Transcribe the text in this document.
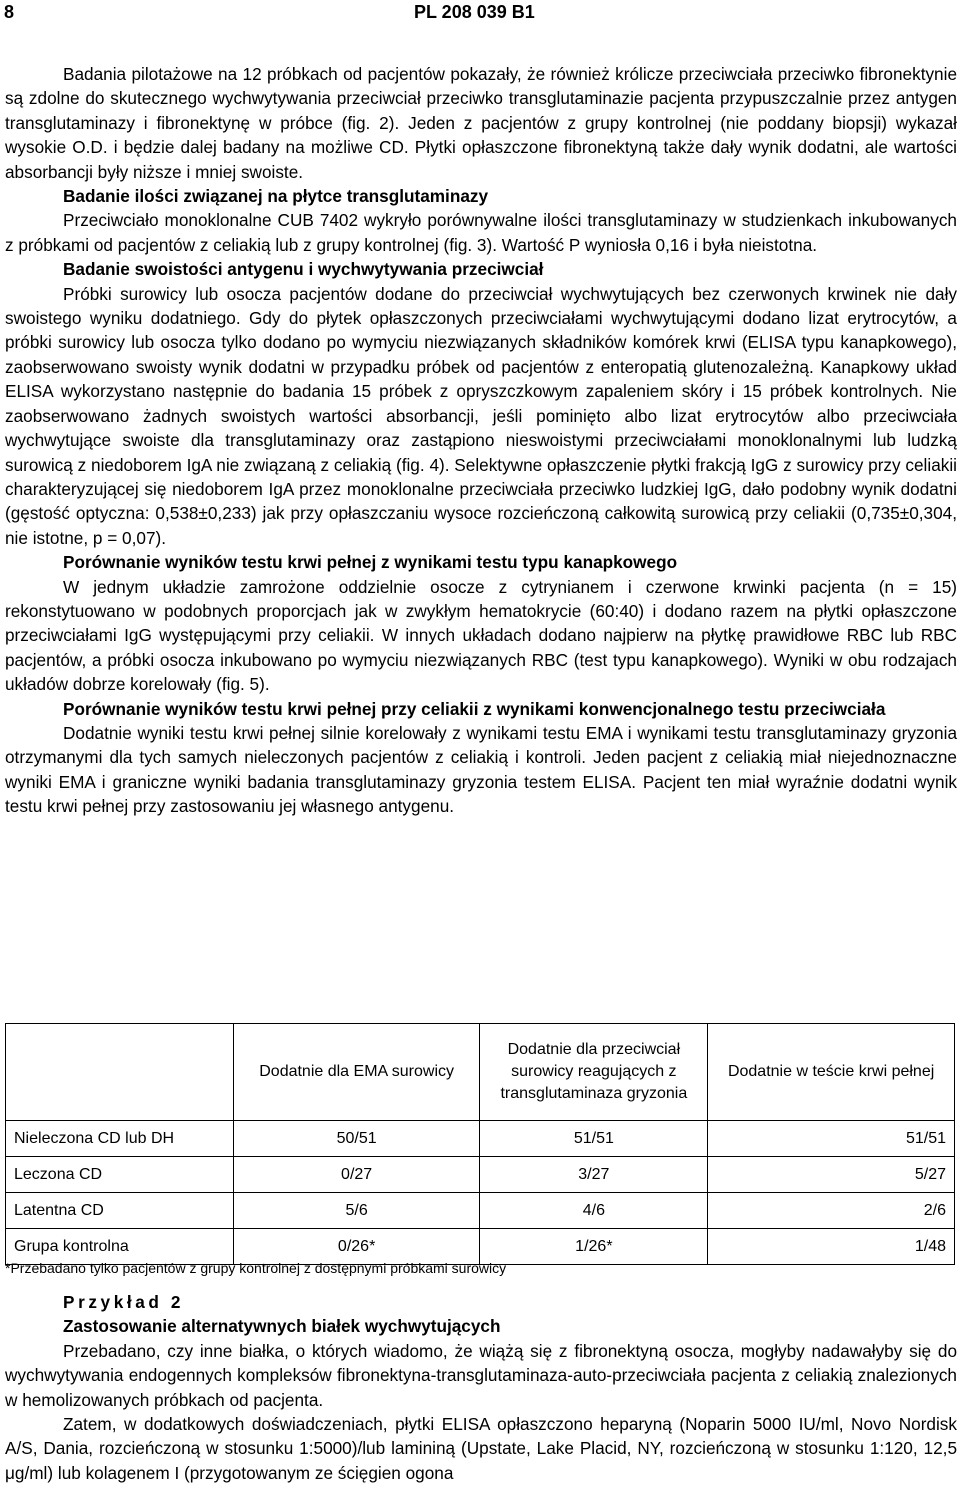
8	PL 208 039 B1

Badania pilotażowe na 12 próbkach od pacjentów pokazały, że również królicze przeciwciała przeciwko fibronektynie są zdolne do skutecznego wychwytywania przeciwciał przeciwko transglutaminazie pacjenta przypuszczalnie przez antygen transglutaminazy i fibronektynę w próbce (fig. 2). Jeden z pacjentów z grupy kontrolnej (nie poddany biopsji) wykazał wysokie O.D. i będzie dalej badany na możliwe CD. Płytki opłaszczone fibronektyną także dały wynik dodatni, ale wartości absorbancji były niższe i mniej swoiste.

Badanie ilości związanej na płytce transglutaminazy

Przeciwciało monoklonalne CUB 7402 wykryło porównywalne ilości transglutaminazy w studzienkach inkubowanych z próbkami od pacjentów z celiakią lub z grupy kontrolnej (fig. 3). Wartość P wyniosła 0,16 i była nieistotna.

Badanie swoistości antygenu i wychwytywania przeciwciał

Próbki surowicy lub osocza pacjentów dodane do przeciwciał wychwytujących bez czerwonych krwinek nie dały swoistego wyniku dodatniego. Gdy do płytek opłaszczonych przeciwciałami wychwytującymi dodano lizat erytrocytów, a próbki surowicy lub osocza tylko dodano po wymyciu niezwiązanych składników komórek krwi (ELISA typu kanapkowego), zaobserwowano swoisty wynik dodatni w przypadku próbek od pacjentów z enteropatią glutenozależną. Kanapkowy układ ELISA wykorzystano następnie do badania 15 próbek z opryszczkowym zapaleniem skóry i 15 próbek kontrolnych. Nie zaobserwowano żadnych swoistych wartości absorbancji, jeśli pominięto albo lizat erytrocytów albo przeciwciała wychwytujące swoiste dla transglutaminazy oraz zastąpiono nieswoistymi przeciwciałami monoklonalnymi lub ludzką surowicą z niedoborem IgA nie związaną z celiakią (fig. 4). Selektywne opłaszczenie płytki frakcją IgG z surowicy przy celiakii charakteryzującej się niedoborem IgA przez monoklonalne przeciwciała przeciwko ludzkiej IgG, dało podobny wynik dodatni (gęstość optyczna: 0,538±0,233) jak przy opłaszczaniu wysoce rozcieńczoną całkowitą surowicą przy celiakii (0,735±0,304, nie istotne, p = 0,07).

Porównanie wyników testu krwi pełnej z wynikami testu typu kanapkowego

W jednym układzie zamrożone oddzielnie osocze z cytrynianem i czerwone krwinki pacjenta (n = 15) rekonstytuowano w podobnych proporcjach jak w zwykłym hematokrycie (60:40) i dodano razem na płytki opłaszczone przeciwciałami IgG występującymi przy celiakii. W innych układach dodano najpierw na płytkę prawidłowe RBC lub RBC pacjentów, a próbki osocza inkubowano po wymyciu niezwiązanych RBC (test typu kanapkowego). Wyniki w obu rodzajach układów dobrze korelowały (fig. 5).

Porównanie wyników testu krwi pełnej przy celiakii z wynikami konwencjonalnego testu przeciwciała

Dodatnie wyniki testu krwi pełnej silnie korelowały z wynikami testu EMA i wynikami testu transglutaminazy gryzonia otrzymanymi dla tych samych nieleczonych pacjentów z celiakią i kontroli. Jeden pacjent z celiakią miał niejednoznaczne wyniki EMA i graniczne wyniki badania transglutaminazy gryzonia testem ELISA. Pacjent ten miał wyraźnie dodatni wynik testu krwi pełnej przy zastosowaniu jej własnego antygenu.

	Dodatnie dla EMA surowicy	Dodatnie dla przeciwciał surowicy reagujących z transglutaminaza gryzonia	Dodatnie w teście krwi pełnej
Nieleczona CD lub DH	50/51	51/51	51/51
Leczona CD	0/27	3/27	5/27
Latentna CD	5/6	4/6	2/6
Grupa kontrolna	0/26*	1/26*	1/48
*Przebadano tylko pacjentów z grupy kontrolnej z dostępnymi próbkami surowicy

Przykład 2

Zastosowanie alternatywnych białek wychwytujących

Przebadano, czy inne białka, o których wiadomo, że wiążą się z fibronektyną osocza, mogłyby nadawałyby się do wychwytywania endogennych kompleksów fibronektyna-transglutaminaza-auto-przeciwciała pacjenta z celiakią znalezionych w hemolizowanych próbkach od pacjenta.

Zatem, w dodatkowych doświadczeniach, płytki ELISA opłaszczono heparyną (Noparin 5000 IU/ml, Novo Nordisk A/S, Dania, rozcieńczoną w stosunku 1:5000)/lub lamininą (Upstate, Lake Placid, NY, rozcieńczoną w stosunku 1:120, 12,5 μg/ml) lub kolagenem I (przygotowanym ze ścięgien ogona
